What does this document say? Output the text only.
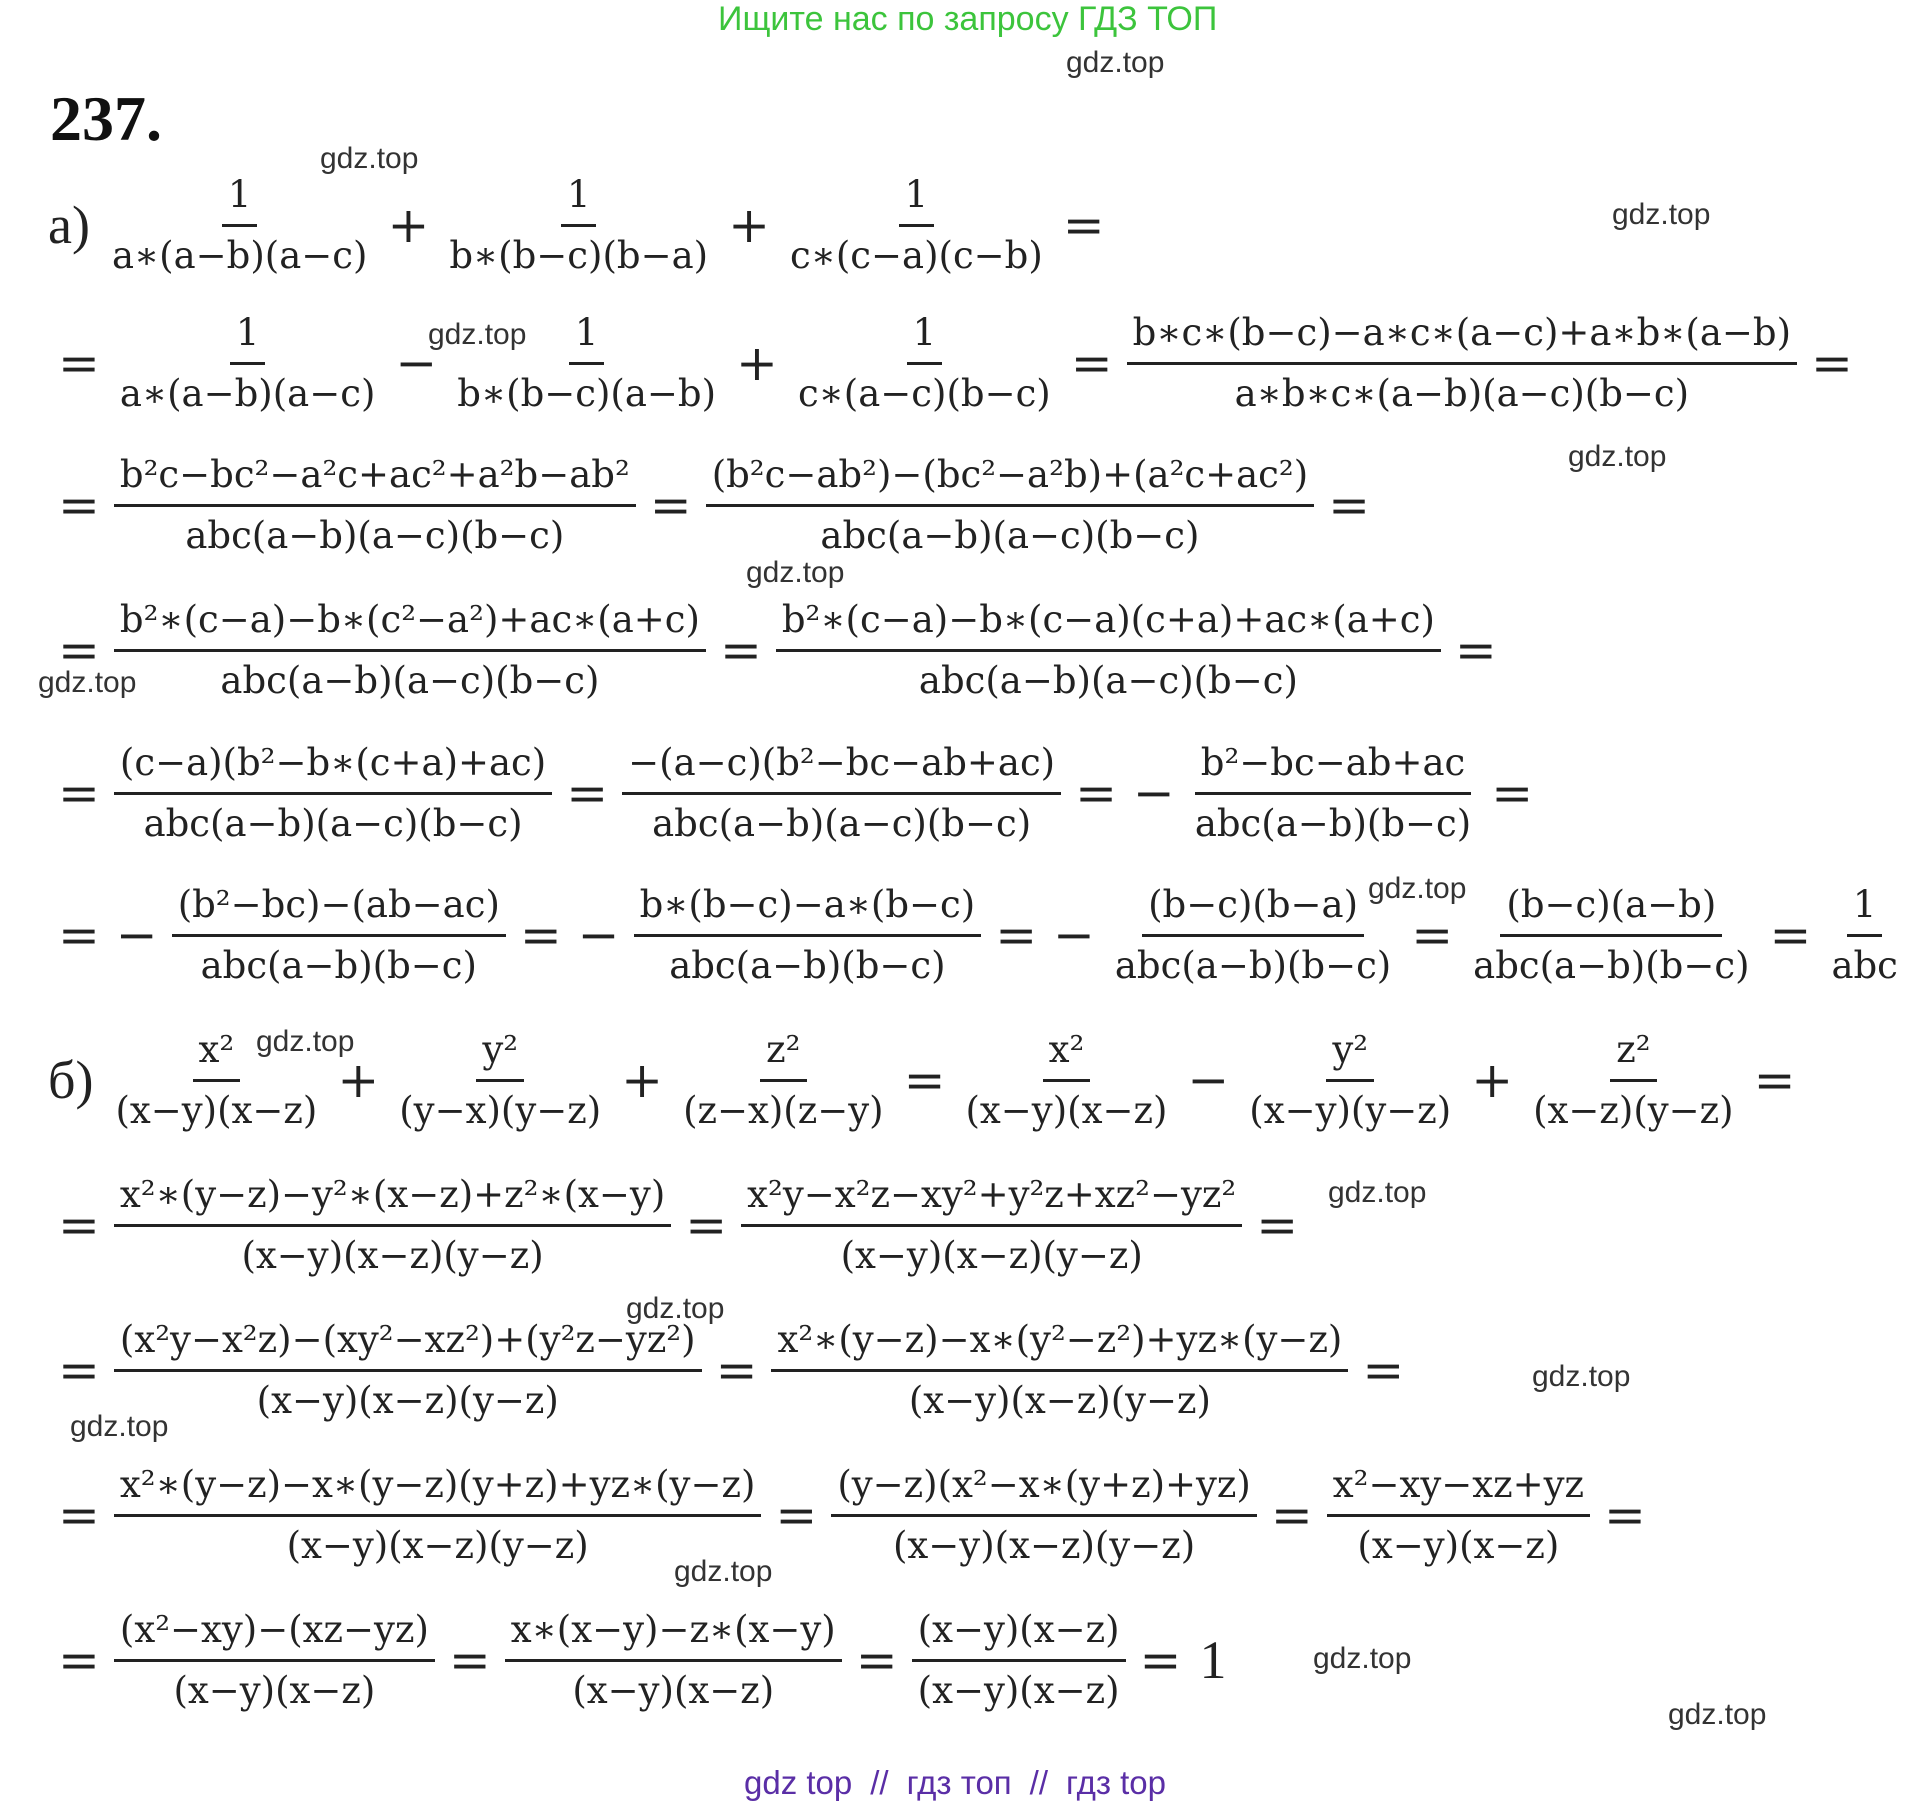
Ищите нас по запросу ГДЗ ТОП
237.
$а) \frac{1}{a∗(a-b)(a-c)} + \frac{1}{b∗(b-c)(b-a)} + \frac{1}{c∗(c-a)(c-b)}$ =
= $\frac{1}{a∗(a-b)(a-c)} - \frac{1}{b∗(b-c)(a-b)} + \frac{1}{c∗(a-c)(b-c)} = \frac{b∗c∗(b-c)-a∗c∗(a-c)+a∗b∗(a-b)}{a∗b∗c∗(a-b)(a-c)(b-c)}$ =
= $\frac{\text{b²c−bc²−a²c+ac²+a²b−ab²}}{\text{abc(a−b)(a−c)(b−c)}} = \frac{\text{(b²c−ab²)−(bc²−a²b)+(a²c+ac²)}}{\text{abc(a−b)(a−c)(b−c)}}$ =
= $\frac{\text{b²∗(c−a)−b∗(c²−a²)+ac∗(a+c)}}{\text{abc(a−b)(a−c)(b−c)}} = \frac{\text{b²∗(c−a)−b∗(c−a)(c+a)+ac∗(a+c)}}{\text{abc(a−b)(a−c)(b−c)}}$ =
= $\frac{\text{(c−a)(b²−b∗(c+a)+ac)}}{\text{abc(a−b)(a−c)(b−c)}} = \frac{\text{−(a−c)(b²−bc−ab+ac)}}{\text{abc(a−b)(a−c)(b−c)}}$ = − $\frac{\text{b²−bc−ab+ac}}{\text{abc(a−b)(b−c)}}$ =
= − $\frac{\text{(b²−bc)−(ab−ac)}}{\text{abc(a−b)(b−c)}}$ = − $\frac{b∗(b-c)-a∗(b-c)}{\text{abc(a−b)(b−c)}}$ = − $\frac{(b-c)(b-a)}{\text{abc(a−b)(b−c)}} = \frac{(b-c)(a-b)}{\text{abc(a−b)(b−c)}} = \frac{1}{\text{abc}}$
$б) \frac{\text{x²}}{(x-y)(x-z)} + \frac{\text{y²}}{(y-x)(y-z)} + \frac{\text{z²}}{(z-x)(z-y)} = \frac{\text{x²}}{(x-y)(x-z)} - \frac{\text{y²}}{(x-y)(y-z)} + \frac{\text{z²}}{(x-z)(y-z)}$ =
= $\frac{\text{x²∗(y−z)−y²∗(x−z)+z²∗(x−y)}}{(x-y)(x-z)(y-z)} = \frac{\text{x²y−x²z−xy²+y²z+xz²−yz²}}{(x-y)(x-z)(y-z)}$ =
= $\frac{\text{(x²y−x²z)−(xy²−xz²)+(y²z−yz²)}}{(x-y)(x-z)(y-z)} = \frac{\text{x²∗(y−z)−x∗(y²−z²)+yz∗(y−z)}}{(x-y)(x-z)(y-z)}$ =
= $\frac{\text{x²∗(y−z)−x∗(y−z)(y+z)+yz∗(y−z)}}{(x-y)(x-z)(y-z)} = \frac{\text{(y−z)(x²−x∗(y+z)+yz)}}{(x-y)(x-z)(y-z)} = \frac{\text{x²−xy−xz+yz}}{(x-y)(x-z)}$ =
= $\frac{\text{(x²−xy)−(xz−yz)}}{(x-y)(x-z)} = \frac{x∗(x-y)-z∗(x-y)}{(x-y)(x-z)} = \frac{(x-y)(x-z)}{(x-y)(x-z)} = 1$
gdz.top
gdz.top
gdz.top
gdz.top
gdz.top
gdz.top
gdz.top
gdz.top
gdz.top
gdz.top
gdz.top
gdz.top
gdz.top
gdz.top
gdz.top
gdz.top
gdz top // гдз топ // гдз top
